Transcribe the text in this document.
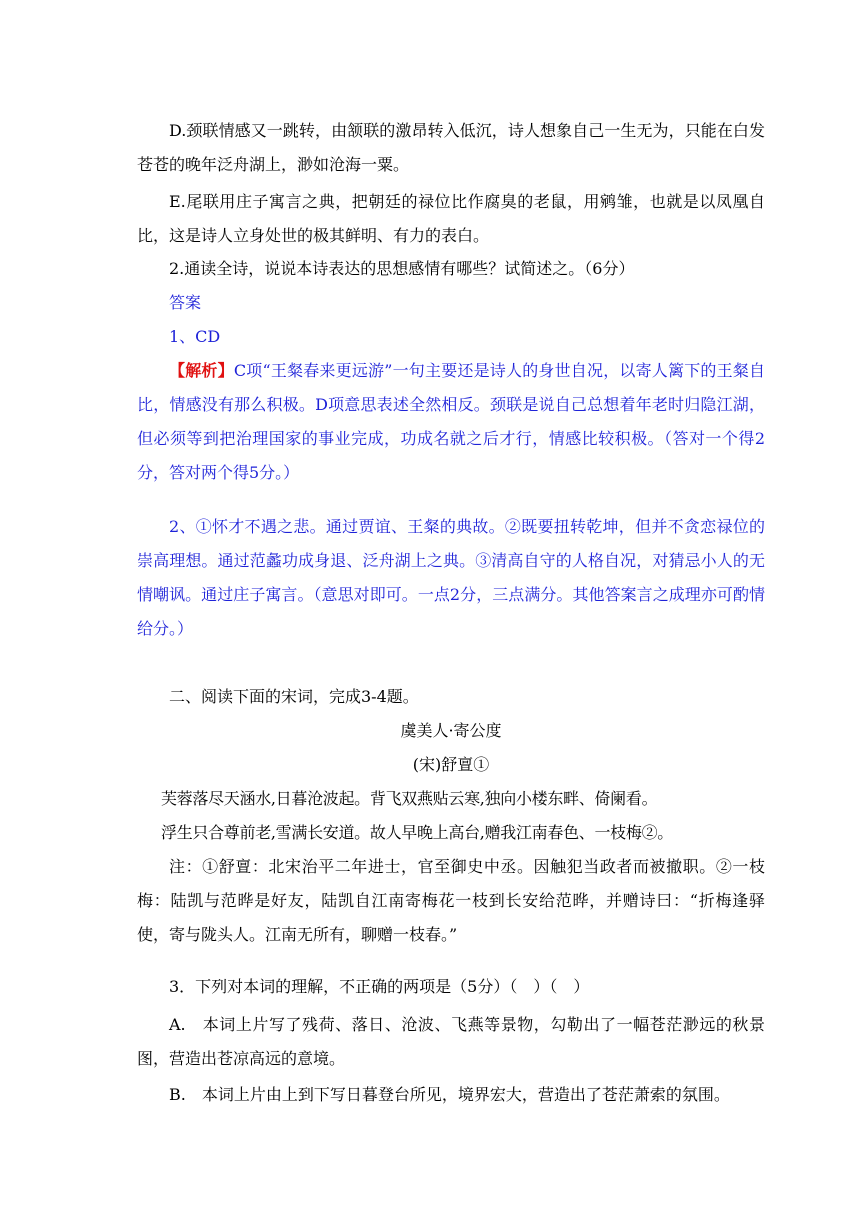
D.颈联情感又一跳转，由颔联的激昂转入低沉，诗人想象自己一生无为，只能在白发苍苍的晚年泛舟湖上，渺如沧海一粟。

E.尾联用庄子寓言之典，把朝廷的禄位比作腐臭的老鼠，用鹓雏，也就是以凤凰自比，这是诗人立身处世的极其鲜明、有力的表白。

2.通读全诗，说说本诗表达的思想感情有哪些？试简述之。（6分）

答案

1、CD

【解析】C项“王粲春来更远游”一句主要还是诗人的身世自况，以寄人篱下的王粲自比，情感没有那么积极。D项意思表述全然相反。颈联是说自己总想着年老时归隐江湖，但必须等到把治理国家的事业完成，功成名就之后才行，情感比较积极。（答对一个得2分，答对两个得5分。）

2、①怀才不遇之悲。通过贾谊、王粲的典故。②既要扭转乾坤，但并不贪恋禄位的崇高理想。通过范蠡功成身退、泛舟湖上之典。③清高自守的人格自况，对猜忌小人的无情嘲讽。通过庄子寓言。（意思对即可。一点2分，三点满分。其他答案言之成理亦可酌情给分。）

二、阅读下面的宋词，完成3-4题。

虞美人·寄公度

(宋)舒亶①

芙蓉落尽天涵水,日暮沧波起。背飞双燕贴云寒,独向小楼东畔、倚阑看。

浮生只合尊前老,雪满长安道。故人早晚上高台,赠我江南春色、一枝梅②。

注：①舒亶：北宋治平二年进士，官至御史中丞。因触犯当政者而被撤职。②一枝梅：陆凯与范晔是好友，陆凯自江南寄梅花一枝到长安给范晔，并赠诗曰：“折梅逢驿使，寄与陇头人。江南无所有，聊赠一枝春。”

3．下列对本词的理解，不正确的两项是（5分）（　）（　）

A.　本词上片写了残荷、落日、沧波、飞燕等景物，勾勒出了一幅苍茫渺远的秋景图，营造出苍凉高远的意境。

B.　本词上片由上到下写日暮登台所见，境界宏大，营造出了苍茫萧索的氛围。
